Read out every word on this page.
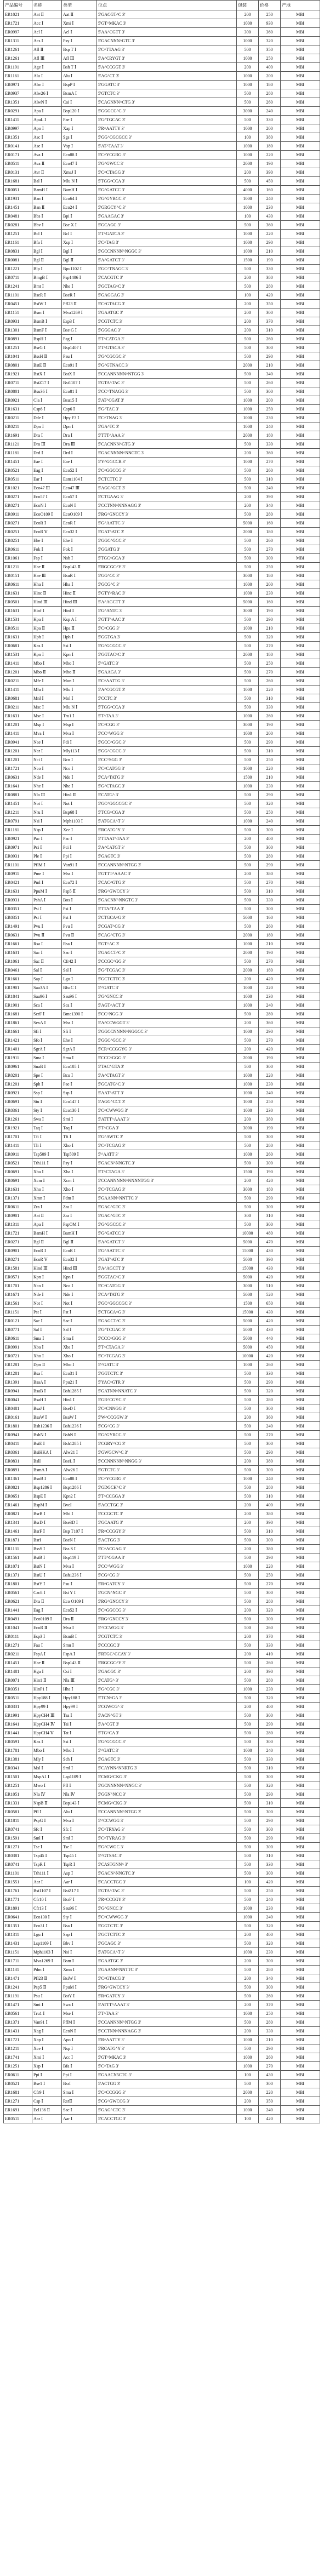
产品编号	名称	类型	位点	包装	价格	产地
ER1021	Aat Ⅱ	Aat Ⅱ	5'GACGT^C 3'	200	250	MBI
ER1721	Acc Ⅰ	Xmi Ⅰ	5'GT^MKAC 3'	1000	930	MBI
ER0997	Acl Ⅰ	Acl Ⅰ	5'AA^CGTT 3'	300	360	MBI
ER1311	Acs Ⅰ	Psy Ⅰ	5'GACNNN^GTC 3'	1000	320	MBI
ER1261	Afl Ⅱ	Bsp T Ⅰ	5'C^TTAAG 3'	500	350	MBI
ER1261	Afl Ⅲ	Afl Ⅲ	5'A^CRYGT 3'	1000	250	MBI
ER1191	Age Ⅰ	Bsh T Ⅰ	5'A^CCGGT 3'	200	400	MBI
ER1161	Alu Ⅰ	Alu Ⅰ	5'AG^CT 3'	1000	200	MBI
ER0971	Alw Ⅰ	BspP Ⅰ	5'GGATC 3'	1000	180	MBI
ER0937	Alw26 Ⅰ	BsmA Ⅰ	5'GTCTC 3'	500	280	MBI
ER1351	AlwN Ⅰ	Cai Ⅰ	5'CAGNNN^CTG 3'	500	260	MBI
ER0291	Apa Ⅰ	Bsp120 Ⅰ	5'GGGCC^C 3'	3000	240	MBI
ER1411	ApaL Ⅰ	Pae Ⅰ	5'G^TGCAC 3'	500	330	MBI
ER0997	Apo Ⅰ	Xap Ⅰ	5'R^AATTY 3'	1000	200	MBI
ER1351	Asc Ⅰ	Sgs Ⅰ	5'GG^CGCGCC 3'	100	380	MBI
ER0141	Ase Ⅰ	Vsp Ⅰ	5'AT^TAAT 3'	1000	180	MBI
ER0171	Ava Ⅰ	Eco88 Ⅰ	5'C^YCGRG 3'	1000	220	MBI
ER0511	Ava Ⅱ	Eco47 Ⅰ	5'G^GWCC 3'	2000	190	MBI
ER0131	Avr Ⅱ	XmaJ Ⅰ	5'C^CTAGG 3'	200	390	MBI
ER1681	Bal Ⅰ	Mlu N Ⅰ	5'TGG^CCA 3'	500	450	MBI
ER0051	BamH Ⅰ	BamH Ⅰ	5'G^GATCC 3'	4000	160	MBI
ER1931	Ban Ⅰ	Eco64 Ⅰ	5'G^GYRCC 3'	1000	240	MBI
ER1451	Ban Ⅱ	Eco24 Ⅰ	5'GRGCY^C 3'	1000	230	MBI
ER0481	Bbs Ⅰ	Bpi Ⅰ	5'GAAGAC 3'	100	430	MBI
ER0281	Bbv Ⅰ	Bse X Ⅰ	5'GCAGC 3'	500	360	MBI
ER1251	Bcl Ⅰ	Bcl Ⅰ	5'T^GATCA 3'	1000	220	MBI
ER1161	Bfa Ⅰ	Xsp Ⅰ	5'C^TAG 3'	1000	290	MBI
ER0831	Bgl Ⅰ	Bgl Ⅰ	5'GCCNNNN^NGGC 3'	1000	210	MBI
ER0081	Bgl Ⅱ	Bgl Ⅱ	5'A^GATCT 3'	1500	190	MBI
ER1221	Blp Ⅰ	Bpu1102 Ⅰ	5'GC^TNAGC 3'	500	330	MBI
ER0711	BmgB Ⅰ	Psp1406 Ⅰ	5'CACGTC 3'	200	380	MBI
ER1241	Bmt Ⅰ	Nhe Ⅰ	5'GCTAG^C 3'	500	280	MBI
ER1101	BseR Ⅰ	BseR Ⅰ	5'GAGGAG 3'	100	420	MBI
ER0451	BsiW Ⅰ	Pfl23 Ⅱ	5'C^GTACG 3'	200	350	MBI
ER1151	Bsm Ⅰ	Mva1269 Ⅰ	5'GAATGC 3'	200	300	MBI
ER0931	BsmB Ⅰ	Esp3 Ⅰ	5'CGTCTC 3'	200	370	MBI
ER1301	BsmF Ⅰ	Bse G Ⅰ	5'GGGAC 3'	200	310	MBI
ER0891	BspH Ⅰ	Pag Ⅰ	5'T^CATGA 3'	500	260	MBI
ER1251	BsrG Ⅰ	Bsp1407 Ⅰ	5'T^GTACA 3'	500	300	MBI
ER1041	BssH Ⅱ	Pau Ⅰ	5'G^CGCGC 3'	500	290	MBI
ER0801	BstE Ⅱ	Eco91 Ⅰ	5'G^GTNACC 3'	2000	210	MBI
ER1921	BstX Ⅰ	BstX Ⅰ	5'CCANNNNN^NTGG 3'	500	340	MBI
ER0711	BstZ17 Ⅰ	Bst1107 Ⅰ	5'GTA^TAC 3'	500	260	MBI
ER0801	Bsu36 Ⅰ	Eco81 Ⅰ	5'CC^TNAGG 3'	500	300	MBI
ER0921	Cla Ⅰ	Bsu15 Ⅰ	5'AT^CGAT 3'	1000	200	MBI
ER1631	Csp6 Ⅰ	Csp6 Ⅰ	5'G^TAC 3'	1000	250	MBI
ER0211	Dde Ⅰ	Hpy F3 Ⅰ	5'C^TNAG 3'	1000	230	MBI
ER0211	Dpn Ⅰ	Dpn Ⅰ	5'GA^TC 3'	1000	240	MBI
ER1691	Dra Ⅰ	Dra Ⅰ	5'TTT^AAA 3'	2000	180	MBI
ER1121	Dra Ⅲ	Dra Ⅲ	5'CACNNN^GTG 3'	500	330	MBI
ER1181	Drd Ⅰ	Drd Ⅰ	5'GACNNNN^NNGTC 3'	200	360	MBI
ER1451	Eae Ⅰ	Eae Ⅰ	5'Y^GGCCR 3'	1000	270	MBI
ER0521	Eag Ⅰ	Eco52 Ⅰ	5'C^GGCCG 3'	500	260	MBI
ER0511	Ear Ⅰ	Eam1104 Ⅰ	5'CTCTTC 3'	500	310	MBI
ER1021	Eco47 Ⅲ	Eco47 Ⅲ	5'AGC^GCT 3'	500	240	MBI
ER0271	Eco57 Ⅰ	Eco57 Ⅰ	5'CTGAAG 3'	200	390	MBI
ER0271	EcoN Ⅰ	EcoN Ⅰ	5'CCTNN^NNNAGG 3'	200	340	MBI
ER0911	EcoO109 Ⅰ	EcoO109 Ⅰ	5'RG^GNCCY 3'	500	280	MBI
ER0271	EcoR Ⅰ	EcoR Ⅰ	5'G^AATTC 3'	5000	160	MBI
ER0251	EcoR Ⅴ	Eco32 Ⅰ	5'GAT^ATC 3'	2000	180	MBI
ER0251	Ehe Ⅰ	Ehe Ⅰ	5'GGC^GCC 3'	500	260	MBI
ER0611	Fok Ⅰ	Fok Ⅰ	5'GGATG 3'	500	270	MBI
ER1061	Fsp Ⅰ	Nsb Ⅰ	5'TGC^GCA 3'	500	300	MBI
ER1211	Hae Ⅱ	Bsp143 Ⅱ	5'RGCGC^Y 3'	500	250	MBI
ER0151	Hae Ⅲ	BsuR Ⅰ	5'GG^CC 3'	3000	180	MBI
ER0611	Hha Ⅰ	Hha Ⅰ	5'GCG^C 3'	1000	200	MBI
ER1631	Hinc Ⅱ	Hinc Ⅱ	5'GTY^RAC 3'	1000	230	MBI
ER0501	Hind Ⅲ	Hind Ⅲ	5'A^AGCTT 3'	5000	160	MBI
ER1631	Hinf Ⅰ	Hinf Ⅰ	5'G^ANTC 3'	3000	190	MBI
ER1531	Hpa Ⅰ	Ksp A Ⅰ	5'GTT^AAC 3'	500	290	MBI
ER0511	Hpa Ⅱ	Hpa Ⅱ	5'C^CGG 3'	1000	210	MBI
ER1631	Hph Ⅰ	Hph Ⅰ	5'GGTGA 3'	500	320	MBI
ER0681	Kas Ⅰ	Ssi Ⅰ	5'G^GCGCC 3'	500	270	MBI
ER1531	Kpn Ⅰ	Kpn Ⅰ	5'GGTAC^C 3'	2000	180	MBI
ER1411	Mbo Ⅰ	Mbo Ⅰ	5'^GATC 3'	500	250	MBI
ER1201	Mbo Ⅱ	Mbo Ⅱ	5'GAAGA 3'	500	270	MBI
ER0211	Mfe Ⅰ	Mun Ⅰ	5'C^AATTG 3'	500	260	MBI
ER1411	Mlu Ⅰ	Mlu Ⅰ	5'A^CGCGT 3'	1000	220	MBI
ER0681	Mnl Ⅰ	Mnl Ⅰ	5'CCTC 3'	500	310	MBI
ER0211	Msc Ⅰ	Mlu N Ⅰ	5'TGG^CCA 3'	500	330	MBI
ER1631	Mse Ⅰ	Tru1 Ⅰ	5'T^TAA 3'	1000	260	MBI
ER1201	Msp Ⅰ	Msp Ⅰ	5'C^CGG 3'	3000	190	MBI
ER1411	Mva Ⅰ	Mva Ⅰ	5'CC^WGG 3'	1000	200	MBI
ER0941	Nae Ⅰ	Pdi Ⅰ	5'GCC^GGC 3'	500	290	MBI
ER1201	Nar Ⅰ	Mly113 Ⅰ	5'GG^CGCC 3'	500	310	MBI
ER1201	Nci Ⅰ	Bcn Ⅰ	5'CC^SGG 3'	500	250	MBI
ER1721	Nco Ⅰ	Nco Ⅰ	5'C^CATGG 3'	1000	220	MBI
ER0631	Nde Ⅰ	Nde Ⅰ	5'CA^TATG 3'	1500	210	MBI
ER1641	Nhe Ⅰ	Nhe Ⅰ	5'G^CTAGC 3'	1000	230	MBI
ER0881	Nla Ⅲ	Hin1 Ⅱ	5'CATG^ 3'	500	290	MBI
ER1451	Not Ⅰ	Not Ⅰ	5'GC^GGCCGC 3'	500	320	MBI
ER1211	Nru Ⅰ	Bsp68 Ⅰ	5'TCG^CGA 3'	500	250	MBI
ER0791	Nsi Ⅰ	Mph1103 Ⅰ	5'ATGCA^T 3'	1000	240	MBI
ER1181	Nsp Ⅰ	Xce Ⅰ	5'RCATG^Y 3'	500	300	MBI
ER0921	Pac Ⅰ	Pac Ⅰ	5'TTAAT^TAA 3'	200	400	MBI
ER0971	Pci Ⅰ	Pci Ⅰ	5'A^CATGT 3'	500	300	MBI
ER0931	Ple Ⅰ	Ppi Ⅰ	5'GAGTC 3'	500	280	MBI
ER1101	PflM Ⅰ	Van91 Ⅰ	5'CCANNNN^NTGG 3'	500	290	MBI
ER0911	Pme Ⅰ	Mss Ⅰ	5'GTTT^AAAC 3'	200	380	MBI
ER0421	Pml Ⅰ	Eco72 Ⅰ	5'CAC^GTG 3'	500	270	MBI
ER1631	PpuM Ⅰ	Psp5 Ⅱ	5'RG^GWCCY 3'	500	310	MBI
ER0931	PshA Ⅰ	Bos Ⅰ	5'GACNN^NNGTC 3'	500	330	MBI
ER0351	Psi Ⅰ	Psi Ⅰ	5'TTA^TAA 3'	500	300	MBI
ER0351	Pst Ⅰ	Pst Ⅰ	5'CTGCA^G 3'	5000	160	MBI
ER1491	Pvu Ⅰ	Pvu Ⅰ	5'CGAT^CG 3'	500	260	MBI
ER0631	Pvu Ⅱ	Pvu Ⅱ	5'CAG^CTG 3'	2000	180	MBI
ER1661	Rsa Ⅰ	Rsa Ⅰ	5'GT^AC 3'	1000	210	MBI
ER1631	Sac Ⅰ	Sac Ⅰ	5'GAGCT^C 3'	2000	190	MBI
ER1061	Sac Ⅱ	Cfr42 Ⅰ	5'CCGC^GG 3'	500	270	MBI
ER0461	Sal Ⅰ	Sal Ⅰ	5'G^TCGAC 3'	2000	180	MBI
ER1661	Sap Ⅰ	Lgu Ⅰ	5'GCTCTTC 3'	200	420	MBI
ER1901	Sau3A Ⅰ	Bfu C Ⅰ	5'^GATC 3'	1000	220	MBI
ER1841	Sau96 Ⅰ	Sau96 Ⅰ	5'G^GNCC 3'	1000	230	MBI
ER1901	Sca Ⅰ	Sca Ⅰ	5'AGT^ACT 3'	1000	240	MBI
ER1681	ScrF Ⅰ	Bme1390 Ⅰ	5'CC^NGG 3'	500	280	MBI
ER1861	SexA Ⅰ	Mss Ⅰ	5'A^CCWGGT 3'	200	360	MBI
ER1661	Sfi Ⅰ	Sfi Ⅰ	5'GGCCNNNN^NGGCC 3'	1000	290	MBI
ER1421	Sfo Ⅰ	Ehe Ⅰ	5'GGC^GCC 3'	500	270	MBI
ER1401	SgrA Ⅰ	SgrA Ⅰ	5'CR^CCGGYG 3'	200	420	MBI
ER1911	Sma Ⅰ	Sma Ⅰ	5'CCC^GGG 3'	2000	190	MBI
ER0961	SnaB Ⅰ	Eco105 Ⅰ	5'TAC^GTA 3'	500	300	MBI
ER0201	Spe Ⅰ	Bcu Ⅰ	5'A^CTAGT 3'	1000	220	MBI
ER1201	Sph Ⅰ	Pae Ⅰ	5'GCATG^C 3'	1000	230	MBI
ER0921	Ssp Ⅰ	Ssp Ⅰ	5'AAT^ATT 3'	1000	240	MBI
ER0691	Stu Ⅰ	Eco147 Ⅰ	5'AGG^CCT 3'	1000	250	MBI
ER0361	Sty Ⅰ	Eco130 Ⅰ	5'C^CWWGG 3'	1000	230	MBI
ER1261	Swa Ⅰ	Smi Ⅰ	5'ATTT^AAAT 3'	200	380	MBI
ER1921	Taq Ⅰ	Taq Ⅰ	5'T^CGA 3'	3000	190	MBI
ER1701	Tfi Ⅰ	Tfi Ⅰ	5'G^AWTC 3'	500	300	MBI
ER1411	Tli Ⅰ	Xho Ⅰ	5'C^TCGAG 3'	500	280	MBI
ER0911	Tsp509 Ⅰ	Tsp509 Ⅰ	5'^AATT 3'	1000	260	MBI
ER0521	Tth111 Ⅰ	Psy Ⅰ	5'GACN^NNGTC 3'	500	300	MBI
ER0691	Xba Ⅰ	Xba Ⅰ	5'T^CTAGA 3'	1500	190	MBI
ER0691	Xcm Ⅰ	Xcm Ⅰ	5'CCANNNNN^NNNNTGG 3'	200	420	MBI
ER1631	Xho Ⅰ	Xho Ⅰ	5'C^TCGAG 3'	3000	180	MBI
ER1371	Xmn Ⅰ	Pdm Ⅰ	5'GAANN^NNTTC 3'	500	290	MBI
ER0611	Zra Ⅰ	Zra Ⅰ	5'GAC^GTC 3'	500	300	MBI
ER0901	Aat Ⅱ	Zra Ⅰ	5'GAC^GTC 3'	300	310	MBI
ER1311	Apa Ⅰ	PspOM Ⅰ	5'G^GGCCC 3'	500	300	MBI
ER1721	BamH Ⅰ	BamH Ⅰ	5'G^GATCC 3'	10000	480	MBI
ER0271	Bgl Ⅱ	Bgl Ⅱ	5'A^GATCT 3'	5000	470	MBI
ER0901	EcoR Ⅰ	EcoR Ⅰ	5'G^AATTC 3'	15000	430	MBI
ER0271	EcoR Ⅴ	Eco32 Ⅰ	5'GAT^ATC 3'	5000	390	MBI
ER1581	Hind Ⅲ	Hind Ⅲ	5'A^AGCTT 3'	15000	430	MBI
ER0571	Kpn Ⅰ	Kpn Ⅰ	5'GGTAC^C 3'	5000	420	MBI
ER1701	Nco Ⅰ	Nco Ⅰ	5'C^CATGG 3'	3000	510	MBI
ER1671	Nde Ⅰ	Nde Ⅰ	5'CA^TATG 3'	5000	520	MBI
ER1561	Not Ⅰ	Not Ⅰ	5'GC^GGCCGC 3'	1500	650	MBI
ER1151	Pst Ⅰ	Pst Ⅰ	5'CTGCA^G 3'	15000	430	MBI
ER0121	Sac Ⅰ	Sac Ⅰ	5'GAGCT^C 3'	5000	420	MBI
ER0771	Sal Ⅰ	Sal Ⅰ	5'G^TCGAC 3'	5000	430	MBI
ER0611	Sma Ⅰ	Sma Ⅰ	5'CCC^GGG 3'	5000	440	MBI
ER0991	Xba Ⅰ	Xba Ⅰ	5'T^CTAGA 3'	5000	450	MBI
ER0721	Xho Ⅰ	Xho Ⅰ	5'C^TCGAG 3'	10000	420	MBI
ER1281	Dpn Ⅱ	Mbo Ⅰ	5'^GATC 3'	1000	260	MBI
ER1281	Bsa Ⅰ	Eco31 Ⅰ	5'GGTCTC 3'	500	330	MBI
ER1391	BsaA Ⅰ	Ppu21 Ⅰ	5'YAC^GTR 3'	500	290	MBI
ER0941	BsaB Ⅰ	Bsh1285 Ⅰ	5'GATNN^NNATC 3'	500	320	MBI
ER0041	BsaH Ⅰ	Hin1 Ⅰ	5'GR^CGYC 3'	500	280	MBI
ER0481	BsaJ Ⅰ	BseD Ⅰ	5'C^CNNGG 3'	500	300	MBI
ER0161	BsaW Ⅰ	BsaW Ⅰ	5'W^CCGGW 3'	200	360	MBI
ER1801	Bsh1236 Ⅰ	Bsh1236 Ⅰ	5'CG^CG 3'	500	240	MBI
ER0941	BshN Ⅰ	BshN Ⅰ	5'G^GYRCC 3'	500	270	MBI
ER0411	BsiE Ⅰ	Bsh1285 Ⅰ	5'CGRY^CG 3'	500	300	MBI
ER0361	BsiHKA Ⅰ	Alw21 Ⅰ	5'GWGCW^C 3'	500	290	MBI
ER0831	BslI	BseL Ⅰ	5'CCNNNNN^NNGG 3'	200	380	MBI
ER0891	BsmA Ⅰ	Alw26 Ⅰ	5'GTCTC 3'	500	300	MBI
ER1361	BsoB Ⅰ	Eco88 Ⅰ	5'C^YCGRG 3'	1000	240	MBI
ER0821	Bsp1286 Ⅰ	Bsp1286 Ⅰ	5'GDGCH^C 3'	500	280	MBI
ER0651	BspE Ⅰ	Kpn2 Ⅰ	5'T^CCGGA 3'	500	310	MBI
ER1461	BspM Ⅰ	BveI	5'ACCTGC 3'	200	400	MBI
ER0821	BsrB Ⅰ	Mbi Ⅰ	5'CCGCTC 3'	200	380	MBI
ER1341	BsrD Ⅰ	Bse3D Ⅰ	5'GCAATG 3'	200	390	MBI
ER1461	BsrF Ⅰ	Bsp T107 Ⅰ	5'R^CCGGY 3'	500	310	MBI
ER1871	BsrI	BseN Ⅰ	5'ACTGG 3'	500	300	MBI
ER1131	BssS Ⅰ	Bss S Ⅰ	5'C^ACGAG 3'	200	380	MBI
ER1561	BstB Ⅰ	Bsp119 Ⅰ	5'TT^CGAA 3'	500	290	MBI
ER1071	BstN Ⅰ	Mva Ⅰ	5'CC^WGG 3'	1000	220	MBI
ER1371	BstU Ⅰ	Bsh1236 Ⅰ	5'CG^CG 3'	500	250	MBI
ER1801	BstY Ⅰ	Psu Ⅰ	5'R^GATCY 3'	500	270	MBI
ER0561	Cac8 Ⅰ	Bsi Y Ⅰ	5'GCN^NGC 3'	500	300	MBI
ER0621	Dra Ⅱ	Eco O109 Ⅰ	5'RG^GNCCY 3'	500	280	MBI
ER1441	Eag Ⅰ	Eco52 Ⅰ	5'C^GGCCG 3'	200	320	MBI
ER0491	Eco0109 Ⅰ	Dra Ⅱ	5'RG^GNCCY 3'	500	300	MBI
ER1041	EcoR Ⅱ	Mva Ⅰ	5'^CCWGG 3'	500	260	MBI
ER0111	Esp3 Ⅰ	BsmB Ⅰ	5'CGTCTC 3'	200	370	MBI
ER1271	Fau Ⅰ	Smu Ⅰ	5'CCCGC 3'	500	330	MBI
ER0211	FspA Ⅰ	FspA Ⅰ	5'RTGC^GCAY 3'	200	410	MBI
ER1451	Hae Ⅱ	Bsp143 Ⅱ	5'RGCGC^Y 3'	500	260	MBI
ER1481	Hga Ⅰ	Csi Ⅰ	5'GACGC 3'	200	390	MBI
ER0071	Hin1 Ⅱ	Nla Ⅲ	5'CATG^ 3'	500	280	MBI
ER0351	HinP1 Ⅰ	Hha Ⅰ	5'G^CGC 3'	1000	230	MBI
ER0511	Hpy188 Ⅰ	Hpy188 Ⅰ	5'TCN^GA 3'	500	320	MBI
ER0331	Hpy99 Ⅰ	Hpy99 Ⅰ	5'CGWCG^ 3'	200	400	MBI
ER1991	HpyCH4 Ⅲ	Taa Ⅰ	5'ACN^GT 3'	500	300	MBI
ER1641	HpyCH4 Ⅳ	Tai Ⅰ	5'A^CGT 3'	500	290	MBI
ER1441	HpyCH4 Ⅴ	Tat Ⅰ	5'TG^CA 3'	500	280	MBI
ER0591	Kas Ⅰ	Ssi Ⅰ	5'G^GCGCC 3'	500	300	MBI
ER1781	Mbo Ⅰ	Mbo Ⅰ	5'^GATC 3'	1000	240	MBI
ER1381	Mly Ⅰ	Sch Ⅰ	5'GAGTC 3'	500	330	MBI
ER0341	Msl Ⅰ	Sml Ⅰ	5'CAYNN^NNRTG 3'	500	310	MBI
ER1501	MspA1 Ⅰ	Lsp1109 Ⅰ	5'CMG^CKG 3'	500	300	MBI
ER1251	Mwo Ⅰ	Pfl Ⅰ	5'GCNNNNN^NNGC 3'	500	320	MBI
ER1051	Nla Ⅳ	Nla Ⅳ	5'GGN^NCC 3'	500	290	MBI
ER1331	NspB Ⅱ	Bsp143 Ⅰ	5'CMG^CKG 3'	500	310	MBI
ER0581	Pfl Ⅰ	Alu Ⅰ	5'CCANNNN^NTGG 3'	500	300	MBI
ER1811	PspG Ⅰ	Mva Ⅰ	5'^CCWGG 3'	500	290	MBI
ER0741	Sfc Ⅰ	Sfc Ⅰ	5'C^TRYAG 3'	500	300	MBI
ER1591	Sml Ⅰ	Sml Ⅰ	5'C^TYRAG 3'	500	290	MBI
ER1271	Tse Ⅰ	Tse Ⅰ	5'G^CWGC 3'	500	300	MBI
ER0381	Tsp45 Ⅰ	Tsp45 Ⅰ	5'^GTSAC 3'	500	310	MBI
ER0741	TspR Ⅰ	TspR Ⅰ	5'CASTGNN^ 3'	500	330	MBI
ER1101	Tth111 Ⅰ	Asp Ⅰ	5'GACN^NNGTC 3'	500	300	MBI
ER1551	Aar Ⅰ	Aar Ⅰ	5'CACCTGC 3'	100	420	MBI
ER1761	Bst1107 Ⅰ	BstZ17 Ⅰ	5'GTA^TAC 3'	500	250	MBI
ER1771	Cfr10 Ⅰ	BsrF Ⅰ	5'R^CCGGY 3'	500	240	MBI
ER1891	Cfr13 Ⅰ	Sau96 Ⅰ	5'G^GNCC 3'	1000	230	MBI
ER0641	Eco130 Ⅰ	Sty Ⅰ	5'C^CWWGG 3'	1000	240	MBI
ER1351	Eco31 Ⅰ	Bsa Ⅰ	5'GGTCTC 3'	500	320	MBI
ER1311	Lgu Ⅰ	Sap Ⅰ	5'GCTCTTC 3'	200	400	MBI
ER1431	Lsp1109 Ⅰ	Bbv Ⅰ	5'GCAGC 3'	500	320	MBI
ER1151	Mph1103 Ⅰ	Nsi Ⅰ	5'ATGCA^T 3'	1000	230	MBI
ER1711	Mva1269 Ⅰ	Bsm Ⅰ	5'GAATGC 3'	200	300	MBI
ER1131	Pdm Ⅰ	Xmn Ⅰ	5'GAANN^NNTTC 3'	500	280	MBI
ER1471	Pfl23 Ⅱ	BsiW Ⅰ	5'C^GTACG 3'	200	340	MBI
ER1241	Psp5 Ⅱ	PpuM Ⅰ	5'RG^GWCCY 3'	500	300	MBI
ER1191	Psu Ⅰ	BstY Ⅰ	5'R^GATCY 3'	500	260	MBI
ER1471	Smi Ⅰ	Swa Ⅰ	5'ATTT^AAAT 3'	200	370	MBI
ER0561	Tru1 Ⅰ	Mse Ⅰ	5'T^TAA 3'	1000	250	MBI
ER1371	Van91 Ⅰ	PflM Ⅰ	5'CCANNNN^NTGG 3'	500	280	MBI
ER1431	Xag Ⅰ	EcoN Ⅰ	5'CCTNN^NNNAGG 3'	200	330	MBI
ER1721	Xap Ⅰ	Apo Ⅰ	5'R^AATTY 3'	1000	210	MBI
ER1211	Xce Ⅰ	Nsp Ⅰ	5'RCATG^Y 3'	500	290	MBI
ER1741	Xmi Ⅰ	Acc Ⅰ	5'GT^MKAC 3'	1000	260	MBI
ER1251	Xsp Ⅰ	Bfa Ⅰ	5'C^TAG 3'	1000	270	MBI
ER0611	Ppi Ⅰ	Ppi Ⅰ	5'GAACN5CTC 3'	100	430	MBI
ER0521	Bse1 Ⅰ	BsrI	5'ACTGG 3'	500	300	MBI
ER1681	Cfr9 Ⅰ	Sma Ⅰ	5'C^CCGGG 3'	2000	220	MBI
ER1271	Csp Ⅰ	RsrⅡ	5'CG^GWCCG 3'	200	350	MBI
ER1691	Ecl136 Ⅱ	Sac Ⅰ	5'GAG^CTC 3'	1000	240	MBI
ER0511	Aar Ⅰ	Aar Ⅰ	5'CACCTGC 3'	100	420	MBI
